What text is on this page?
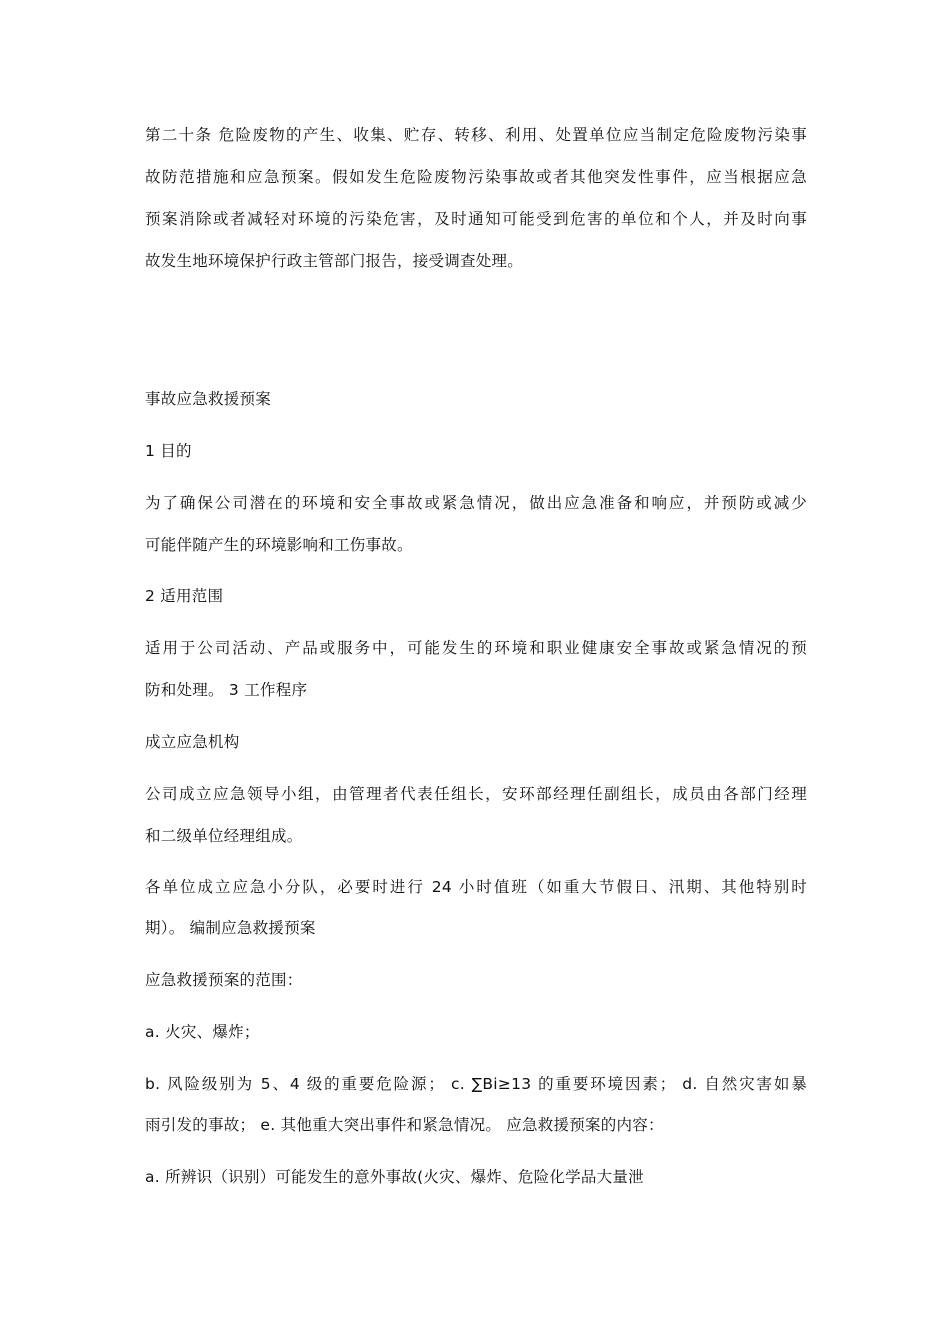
第二十条 危险废物的产生、收集、贮存、转移、利用、处置单位应当制定危险废物污染事
故防范措施和应急预案。假如发生危险废物污染事故或者其他突发性事件，应当根据应急
预案消除或者减轻对环境的污染危害，及时通知可能受到危害的单位和个人，并及时向事
故发生地环境保护行政主管部门报告，接受调查处理。
事故应急救援预案
1 目的
为了确保公司潜在的环境和安全事故或紧急情况，做出应急准备和响应，并预防或减少
可能伴随产生的环境影响和工伤事故。
2 适用范围
适用于公司活动、产品或服务中，可能发生的环境和职业健康安全事故或紧急情况的预
防和处理。 3 工作程序
成立应急机构
公司成立应急领导小组，由管理者代表任组长，安环部经理任副组长，成员由各部门经理
和二级单位经理组成。
各单位成立应急小分队，必要时进行 24 小时值班（如重大节假日、汛期、其他特别时
期）。 编制应急救援预案
应急救援预案的范围：
a. 火灾、爆炸；
b. 风险级别为 5、4 级的重要危险源； c. ∑Bi≥13 的重要环境因素； d. 自然灾害如暴
雨引发的事故； e. 其他重大突出事件和紧急情况。 应急救援预案的内容：
a. 所辨识（识别）可能发生的意外事故(火灾、爆炸、危险化学品大量泄
